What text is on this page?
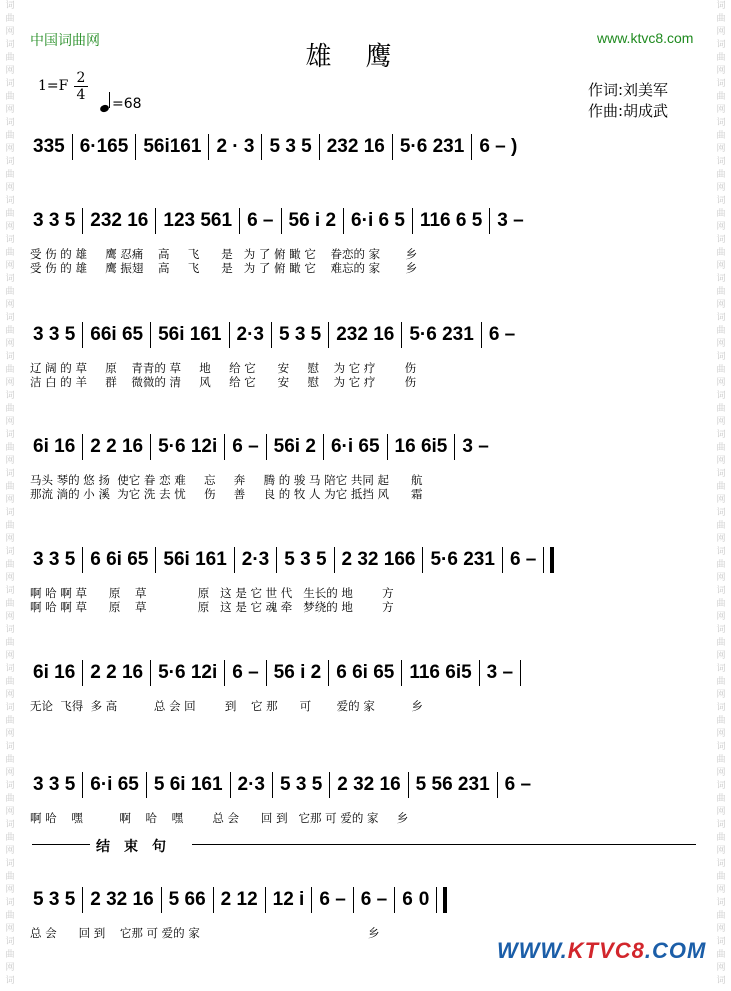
词
曲
网
词
曲
网
词
曲
网
词
曲
网
词
曲
网
词
曲
网
词
曲
网
词
曲
网
词
曲
网
词
曲
网
词
曲
网
词
曲
网
词
曲
网
词
曲
网
词
曲
网
词
曲
网
词
曲
网
词
曲
网
词
曲
网
词
曲
网
词
曲
网
词
曲
网
词
曲
网
词
曲
网
词
曲
网
词
词
曲
网
词
曲
网
词
曲
网
词
曲
网
词
曲
网
词
曲
网
词
曲
网
词
曲
网
词
曲
网
词
曲
网
词
曲
网
词
曲
网
词
曲
网
词
曲
网
词
曲
网
词
曲
网
词
曲
网
词
曲
网
词
曲
网
词
曲
网
词
曲
网
词
曲
网
词
曲
网
词
曲
网
词
曲
网
词
中国词曲网	www.ktvc8.com
雄鹰
1=F 2
4
=68
作词:刘美军
作曲:胡成武
335 6·165 56i161 2 · 3 5 3 5 232 16 5·6 231 6 – )
3 3 5 232 16 123 561 6 – 56 i 2 6·i 6 5 116 6 5 3 –
受 伤 的 雄     鹰 忍痛    高     飞      是   为 了 俯 瞰 它    眷恋的 家       乡
受 伤 的 雄     鹰 振翅    高     飞      是   为 了 俯 瞰 它    难忘的 家       乡
3 3 5 66i 65 56i 161 2·3 5 3 5 232 16 5·6 231 6 –
辽 阔 的 草     原    青青的 草     地     给 它      安     慰    为 它 疗        伤
洁 白 的 羊     群    微微的 清     风     给 它      安     慰    为 它 疗        伤
6i 16 2 2 16 5·6 12i 6 – 56i 2 6·i 65 16 6i5 3 –
马头 琴的 悠 扬  使它 眷 恋 难     忘     奔     腾 的 骏 马 陪它 共同 起      航
那流 淌的 小 溪  为它 洗 去 忧     伤     善     良 的 牧 人 为它 抵挡 风      霜
3 3 5 6 6i 65 56i 161 2·3 5 3 5 2 32 166 5·6 231 6 –
啊 哈 啊 草      原    草              原   这 是 它 世 代   生长的 地        方
啊 哈 啊 草      原    草              原   这 是 它 魂 牵   梦绕的 地        方
6i 16 2 2 16 5·6 12i 6 – 56 i 2 6 6i 65 116 6i5 3 –
无论  飞得  多 高          总 会 回        到    它 那      可       爱的 家          乡
3 3 5 6·i 65 5 6i 161 2·3 5 3 5 2 32 16 5 56 231 6 –
啊 哈    嘿          啊    哈    嘿        总 会      回 到   它那 可 爱的 家     乡
5 3 5 2 32 16 5 66 2 12 12 i 6 – 6 – 6 0
总 会      回 到    它那 可 爱的 家                                              乡
结束句
WWW.KTVC8.COM
